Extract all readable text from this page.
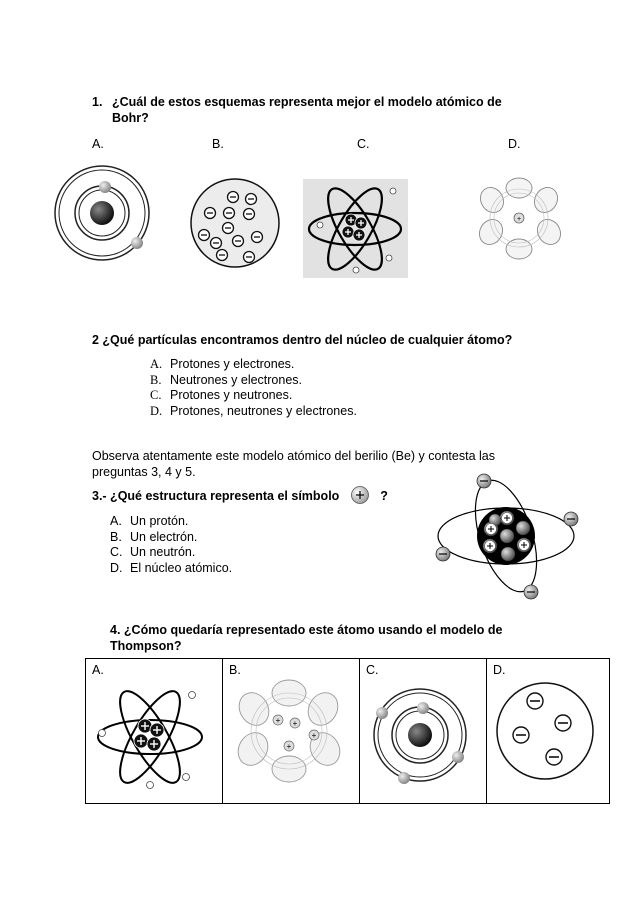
1. ¿Cuál de estos esquemas representa mejor el modelo atómico de
Bohr?
A.	B.	C.	D.
+
2 ¿Qué partículas encontramos dentro del núcleo de cualquier átomo?
A. Protones y electrones.
B. Neutrones y electrones.
C. Protones y neutrones.
D. Protones, neutrones y electrones.
Observa atentamente este modelo atómico del berilio (Be) y contesta las
preguntas 3, 4 y 5.
3.- ¿Qué estructura representa el símbolo	?
A. Un protón.
B. Un electrón.
C. Un neutrón.
D. El núcleo atómico.
4. ¿Cómo quedaría representado este átomo usando el modelo de
Thompson?
A.	B.
+ +
+
+

C.	D.
